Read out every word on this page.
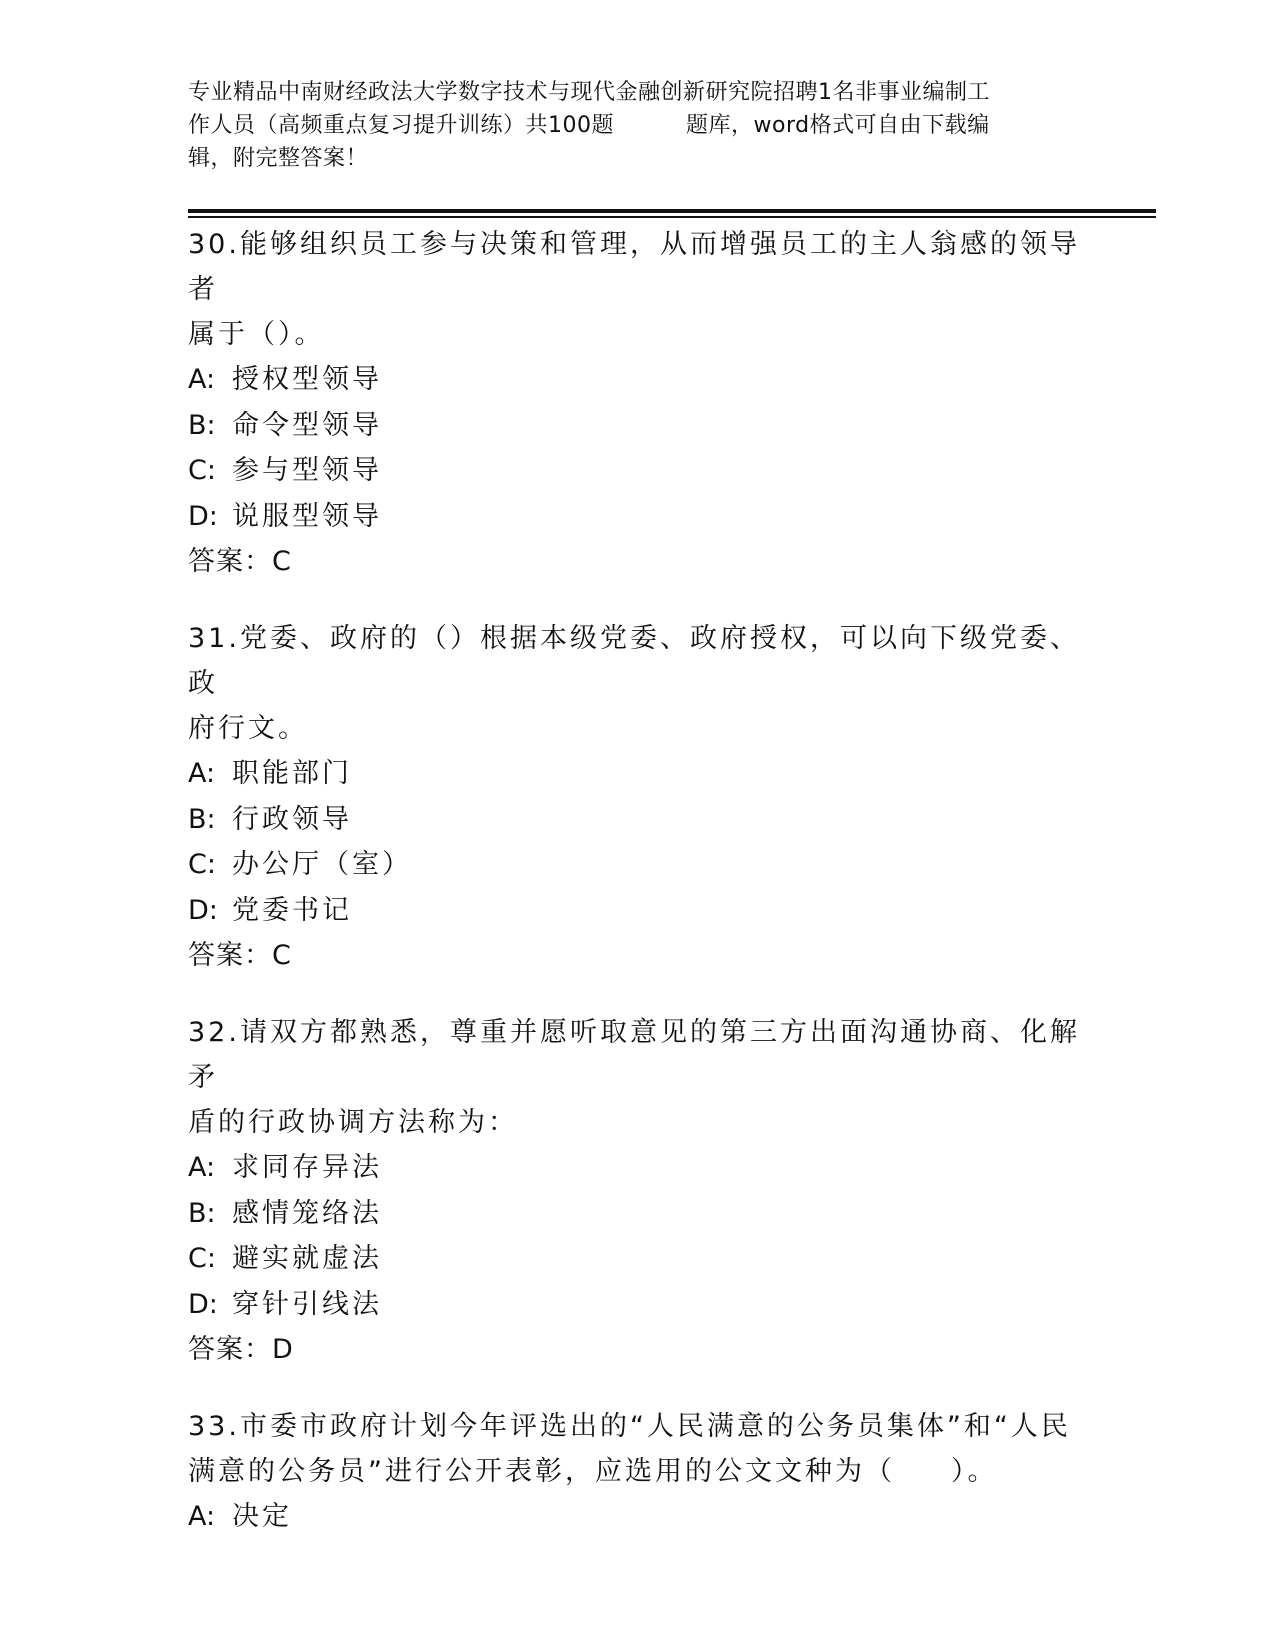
专业精品中南财经政法大学数字技术与现代金融创新研究院招聘1名非事业编制工
作人员（高频重点复习提升训练）共100题	题库，word格式可自由下载编
辑，附完整答案！
30.能够组织员工参与决策和管理，从而增强员工的主人翁感的领导者
属于（）。
A: 授权型领导
B: 命令型领导
C: 参与型领导
D: 说服型领导
答案：C
31.党委、政府的（）根据本级党委、政府授权，可以向下级党委、政
府行文。
A: 职能部门
B: 行政领导
C: 办公厅（室）
D: 党委书记
答案：C
32.请双方都熟悉，尊重并愿听取意见的第三方出面沟通协商、化解矛
盾的行政协调方法称为：
A: 求同存异法
B: 感情笼络法
C: 避实就虚法
D: 穿针引线法
答案：D
33.市委市政府计划今年评选出的“人民满意的公务员集体”和“人民
满意的公务员”进行公开表彰，应选用的公文文种为（ ）。
A: 决定
